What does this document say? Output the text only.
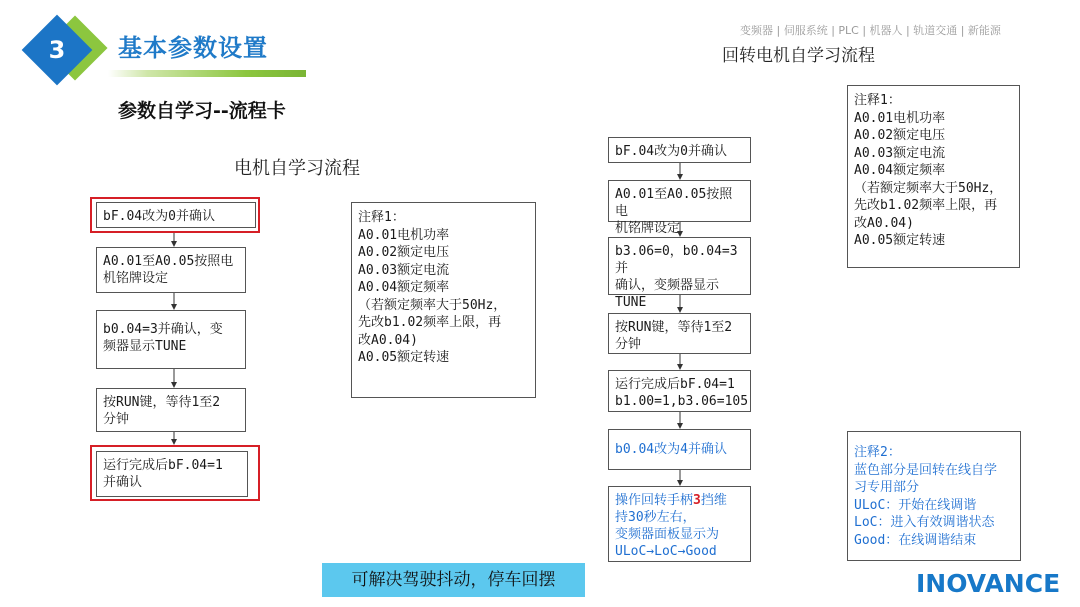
3	基本参数设置
变频器 | 伺服系统 | PLC | 机器人 | 轨道交通 | 新能源
参数自学习--流程卡
电机自学习流程
bF.04改为0并确认
A0.01至A0.05按照电
机铭牌设定
b0.04=3并确认，变
频器显示TUNE
按RUN键，等待1至2
分钟
运行完成后bF.04=1
并确认
注释1：
A0.01电机功率
A0.02额定电压
A0.03额定电流
A0.04额定频率
（若额定频率大于50Hz，
先改b1.02频率上限，再
改A0.04)
A0.05额定转速
回转电机自学习流程
bF.04改为0并确认
A0.01至A0.05按照电
机铭牌设定
b3.06=0，b0.04=3并
确认，变频器显示
TUNE
按RUN键，等待1至2
分钟
运行完成后bF.04=1
b1.00=1,b3.06=105
b0.04改为4并确认
操作回转手柄3挡维
持30秒左右，
变频器面板显示为
ULoC→LoC→Good
注释1：
A0.01电机功率
A0.02额定电压
A0.03额定电流
A0.04额定频率
（若额定频率大于50Hz，
先改b1.02频率上限，再
改A0.04)
A0.05额定转速
注释2：
蓝色部分是回转在线自学
习专用部分
ULoC：开始在线调谐
LoC：进入有效调谐状态
Good：在线调谐结束
可解决驾驶抖动，停车回摆	INOVANCE
